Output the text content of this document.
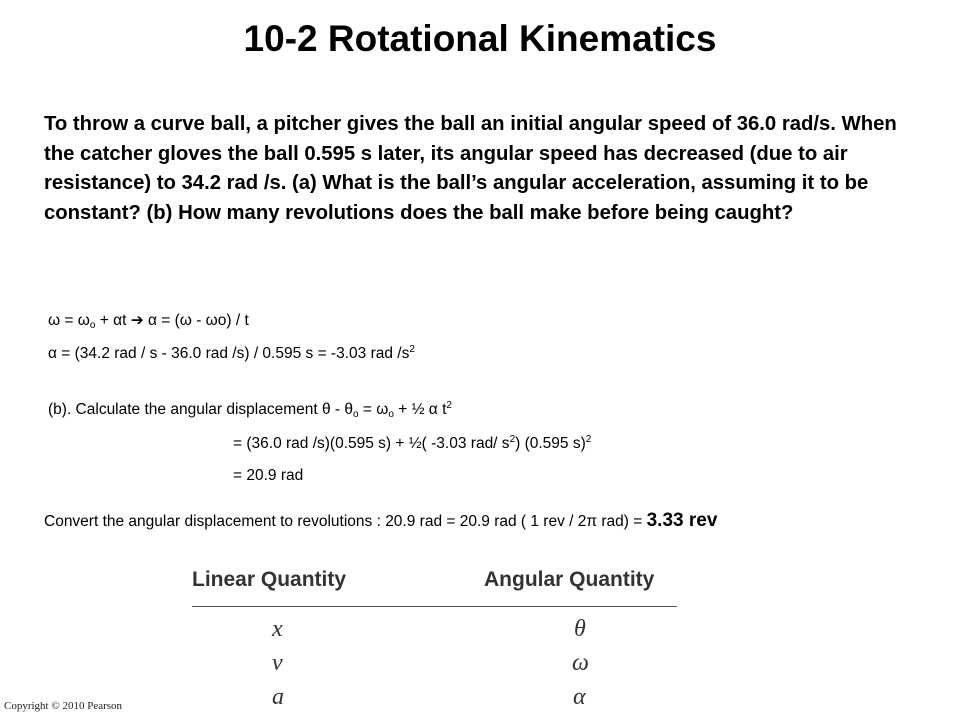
10-2 Rotational Kinematics
To throw a curve ball, a pitcher gives the ball an initial angular speed of 36.0 rad/s. When the catcher gloves the ball 0.595 s later, its angular speed has decreased (due to air resistance) to 34.2 rad /s. (a) What is the ball’s angular acceleration, assuming it to be constant? (b) How many revolutions does the ball make before being caught?
$\omega = \omega_o + \alpha t$ ➔ α = (ω - ωo) / t
α = (34.2 rad / s - 36.0 rad /s) / 0.595 s = -3.03 rad $/s^2$
(b). Calculate the angular displacement $\theta - \theta_o = \omega_o$ + ½ α $t^2$
= (36.0 rad /s)(0.595 s) + ½( -3.03 rad/ $s^2$) (0.595 s)$^2$
= 20.9 rad
Convert the angular displacement to revolutions : 20.9 rad = 20.9 rad ( 1 rev / 2π rad) = 3.33 rev
Linear Quantity	Angular Quantity
x	θ
v	ω
a	α
Copyright © 2010 Pearson
